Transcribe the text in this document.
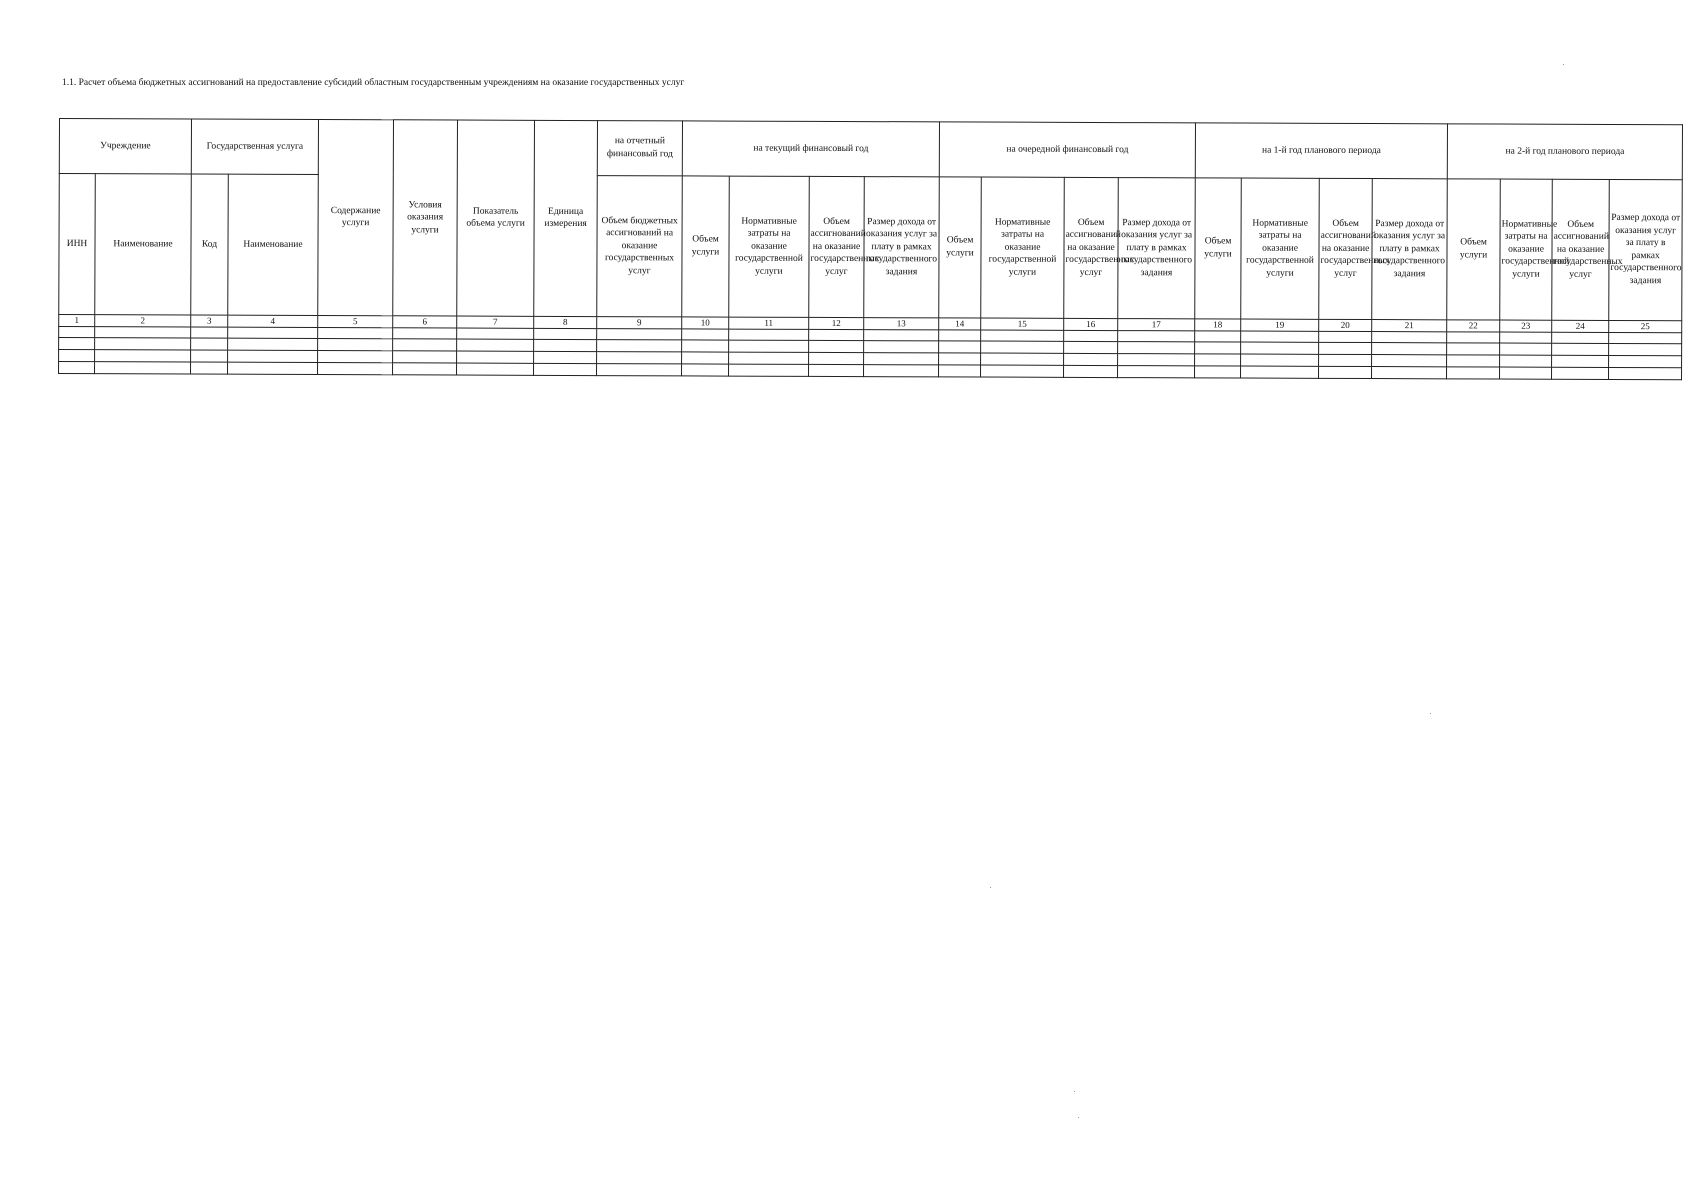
1.1. Расчет объема бюджетных ассигнований на предоставление субсидий областным государственным учреждениям на оказание государственных услуг
Учреждение		Государственная услуга		Содержание услуги	Условия оказания услуги	Показатель объема услуги	Единица измерения	на отчетный финансовый год	на текущий финансовый год				на очередной финансовый год				на 1-й год планового периода				на 2-й год планового периода			
ИНН	Наименование	Код	Наименование					Объем бюджетных ассигнований на оказание государственных услуг	Объем услуги	Нормативные затраты на оказание государственной услуги	Объем ассигнований на оказание государственных услуг	Размер дохода от оказания услуг за плату в рамках государственного задания	Объем услуги	Нормативные затраты на оказание государственной услуги	Объем ассигнований на оказание государственных услуг	Размер дохода от оказания услуг за плату в рамках государственного задания	Объем услуги	Нормативные затраты на оказание государственной услуги	Объем ассигнований на оказание государственных услуг	Размер дохода от оказания услуг за плату в рамках государственного задания	Объем услуги	Нормативные затраты на оказание государственной услуги	Объем ассигнований на оказание государственных услуг	Размер дохода от оказания услуг за плату в рамках государственного задания
1	2	3	4	5	6	7	8	9	10	11	12	13	14	15	16	17	18	19	20	21	22	23	24	25
